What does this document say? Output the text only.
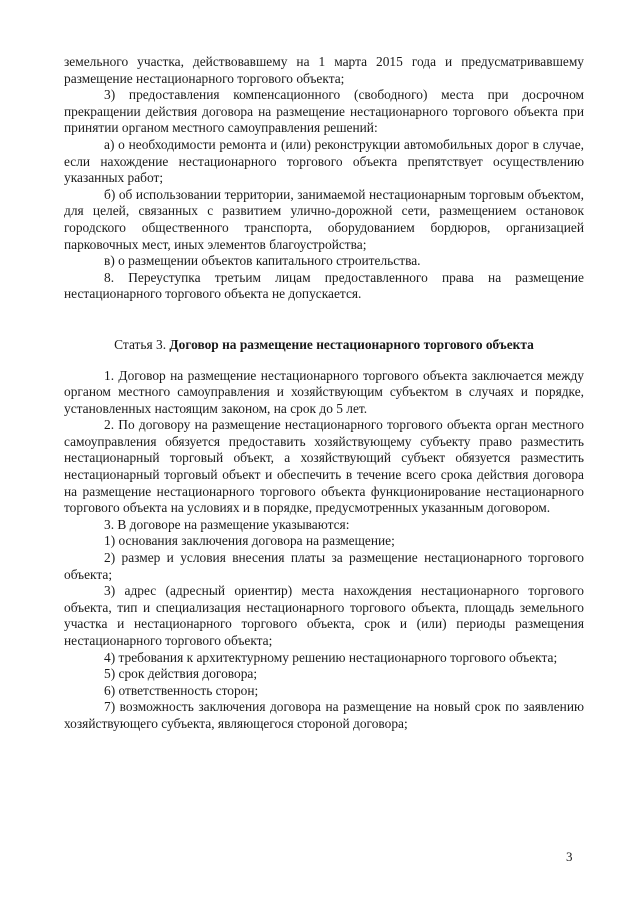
земельного участка, действовавшему на 1 марта 2015 года и предусматривавшему размещение нестационарного торгового объекта;

3) предоставления компенсационного (свободного) места при досрочном прекращении действия договора на размещение нестационарного торгового объекта при принятии органом местного самоуправления решений:

а) о необходимости ремонта и (или) реконструкции автомобильных дорог в случае, если нахождение нестационарного торгового объекта препятствует осуществлению указанных работ;

б) об использовании территории, занимаемой нестационарным торговым объектом, для целей, связанных с развитием улично-дорожной сети, размещением остановок городского общественного транспорта, оборудованием бордюров, организацией парковочных мест, иных элементов благоустройства;

в) о размещении объектов капитального строительства.

8. Переуступка третьим лицам предоставленного права на размещение нестационарного торгового объекта не допускается.

Статья 3. Договор на размещение нестационарного торгового объекта

1. Договор на размещение нестационарного торгового объекта заключается между органом местного самоуправления и хозяйствующим субъектом в случаях и порядке, установленных настоящим законом, на срок до 5 лет.

2. По договору на размещение нестационарного торгового объекта орган местного самоуправления обязуется предоставить хозяйствующему субъекту право разместить нестационарный торговый объект, а хозяйствующий субъект обязуется разместить нестационарный торговый объект и обеспечить в течение всего срока действия договора на размещение нестационарного торгового объекта функционирование нестационарного торгового объекта на условиях и в порядке, предусмотренных указанным договором.

3. В договоре на размещение указываются:

1) основания заключения договора на размещение;

2) размер и условия внесения платы за размещение нестационарного торгового объекта;

3) адрес (адресный ориентир) места нахождения нестационарного торгового объекта, тип и специализация нестационарного торгового объекта, площадь земельного участка и нестационарного торгового объекта, срок и (или) периоды размещения нестационарного торгового объекта;

4) требования к архитектурному решению нестационарного торгового объекта;

5) срок действия договора;

6) ответственность сторон;

7) возможность заключения договора на размещение на новый срок по заявлению хозяйствующего субъекта, являющегося стороной договора;

3
